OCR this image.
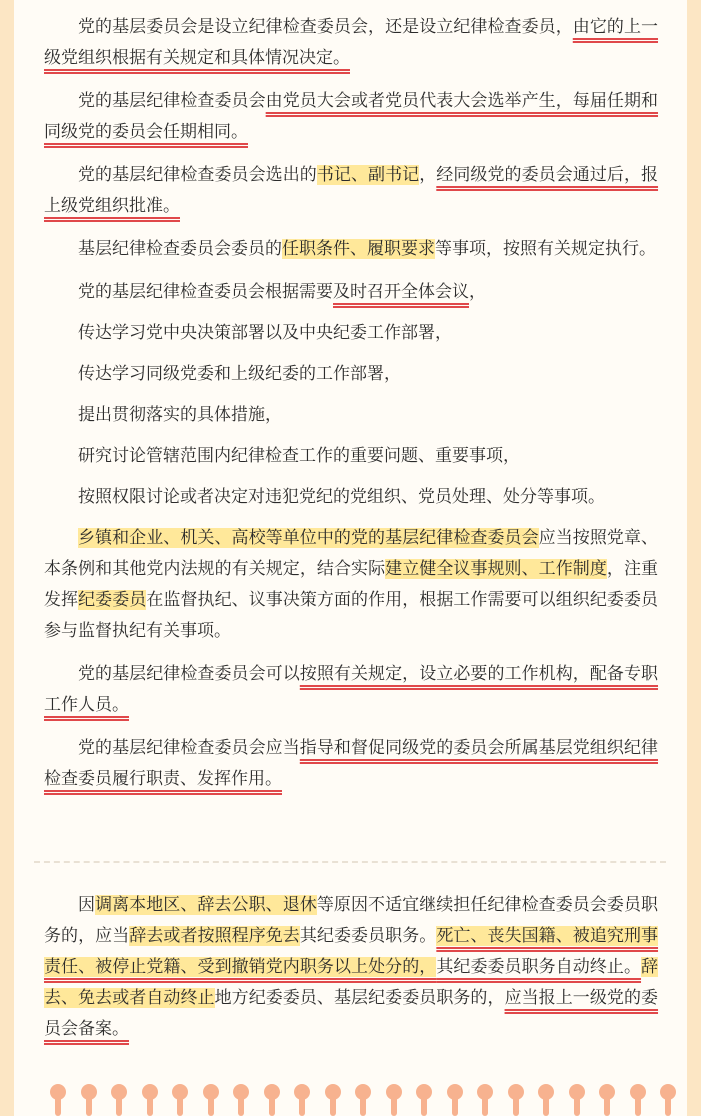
党的基层委员会是设立纪律检查委员会，还是设立纪律检查委员，由它的上一级党组织根据有关规定和具体情况决定。

党的基层纪律检查委员会由党员大会或者党员代表大会选举产生，每届任期和同级党的委员会任期相同。

党的基层纪律检查委员会选出的书记、副书记，经同级党的委员会通过后，报上级党组织批准。

基层纪律检查委员会委员的任职条件、履职要求等事项，按照有关规定执行。

党的基层纪律检查委员会根据需要及时召开全体会议，

传达学习党中央决策部署以及中央纪委工作部署，

传达学习同级党委和上级纪委的工作部署，

提出贯彻落实的具体措施，

研究讨论管辖范围内纪律检查工作的重要问题、重要事项，

按照权限讨论或者决定对违犯党纪的党组织、党员处理、处分等事项。

乡镇和企业、机关、高校等单位中的党的基层纪律检查委员会应当按照党章、本条例和其他党内法规的有关规定，结合实际建立健全议事规则、工作制度，注重发挥纪委委员在监督执纪、议事决策方面的作用，根据工作需要可以组织纪委委员参与监督执纪有关事项。

党的基层纪律检查委员会可以按照有关规定，设立必要的工作机构，配备专职工作人员。

党的基层纪律检查委员会应当指导和督促同级党的委员会所属基层党组织纪律检查委员履行职责、发挥作用。

因调离本地区、辞去公职、退休等原因不适宜继续担任纪律检查委员会委员职务的，应当辞去或者按照程序免去其纪委委员职务。死亡、丧失国籍、被追究刑事责任、被停止党籍、受到撤销党内职务以上处分的，其纪委委员职务自动终止。辞去、免去或者自动终止地方纪委委员、基层纪委委员职务的，应当报上一级党的委员会备案。
